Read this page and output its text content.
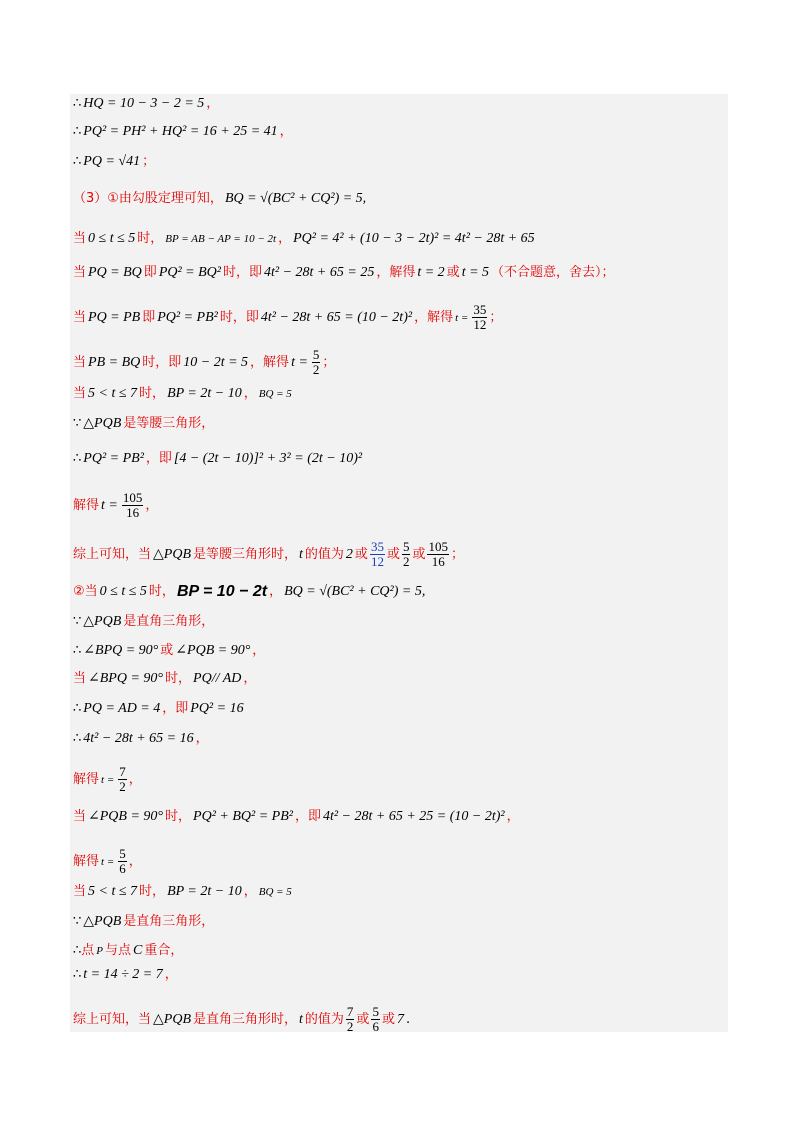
∴ HQ = 10 − 3 − 2 = 5 ，
∴ PQ² = PH² + HQ² = 16 + 25 = 41 ，
∴ PQ = √41 ；
（3）①由勾股定理可知， BQ = √(BC² + CQ²) = 5,
当 0 ≤ t ≤ 5 时， BP = AB − AP = 10 − 2t ， PQ² = 4² + (10 − 3 − 2t)² = 4t² − 28t + 65
当 PQ = BQ 即 PQ² = BQ² 时，即 4t² − 28t + 65 = 25 ，解得 t = 2 或 t = 5 （不合题意，舍去）；
当 PQ = PB 即 PQ² = PB² 时，即 4t² − 28t + 65 = (10 − 2t)² ，解得 $t = \frac{35}{12}$ ；
当 PB = BQ 时，即 10 − 2t = 5 ，解得 $t = \frac{5}{2}$ ；
当 5 < t ≤ 7 时， BP = 2t − 10 ， BQ = 5
∵ △PQB 是等腰三角形，
∴ PQ² = PB² ，即 [4 − (2t − 10)]² + 3² = (2t − 10)²
解得 $t = \frac{105}{16}$ ，
综上可知，当 △PQB 是等腰三角形时， t 的值为 2 或 $\frac{35}{12}$ 或 $\frac{5}{2}$ 或 $\frac{105}{16}$ ；
②当 0 ≤ t ≤ 5 时， BP = 10 − 2t ， BQ = √(BC² + CQ²) = 5,
∵ △PQB 是直角三角形，
∴ ∠BPQ = 90° 或 ∠PQB = 90° ，
当 ∠BPQ = 90° 时， PQ// AD ，
∴ PQ = AD = 4 ，即 PQ² = 16
∴ 4t² − 28t + 65 = 16 ，
解得 $t = \frac{7}{2}$ ，
当 ∠PQB = 90° 时， PQ² + BQ² = PB² ，即 4t² − 28t + 65 + 25 = (10 − 2t)² ，
解得 $t = \frac{5}{6}$ ，
当 5 < t ≤ 7 时， BP = 2t − 10 ， BQ = 5
∵ △PQB 是直角三角形，
∴ 点 P 与点 C 重合，
∴ t = 14 ÷ 2 = 7 ，
综上可知，当 △PQB 是直角三角形时， t 的值为 $\frac{7}{2}$ 或 $\frac{5}{6}$ 或 7 .
